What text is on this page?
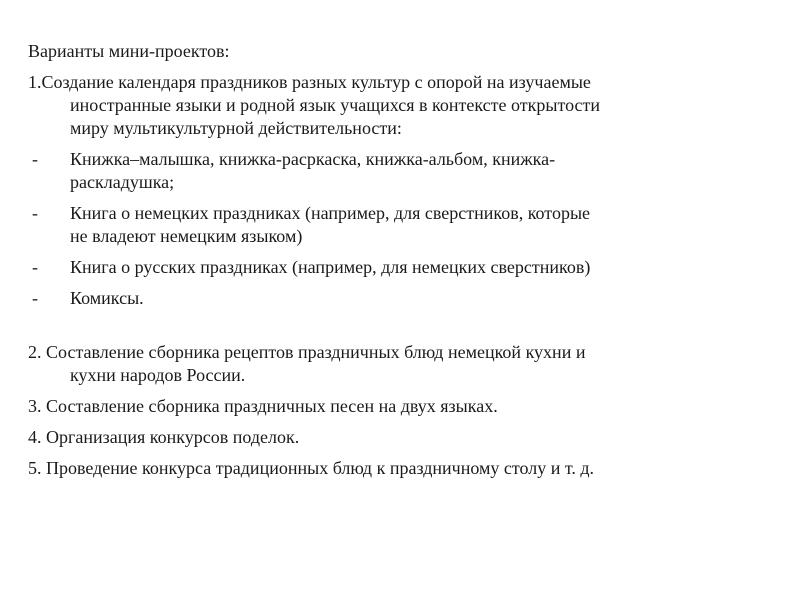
Варианты мини-проектов:
1.Создание календаря праздников разных культур с опорой на изучаемые
иностранные языки и родной язык учащихся в контексте открытости
миру мультикультурной действительности:
- Книжка–малышка, книжка-расркаска, книжка-альбом, книжка-
раскладушка;
- Книга о немецких праздниках (например, для сверстников, которые
не владеют немецким языком)
- Книга о русских праздниках (например, для немецких сверстников)
- Комиксы.
2. Составление сборника рецептов праздничных блюд немецкой кухни и
кухни народов России.
3. Составление сборника праздничных песен на двух языках.
4. Организация конкурсов поделок.
5. Проведение конкурса традиционных блюд к праздничному столу и т. д.
